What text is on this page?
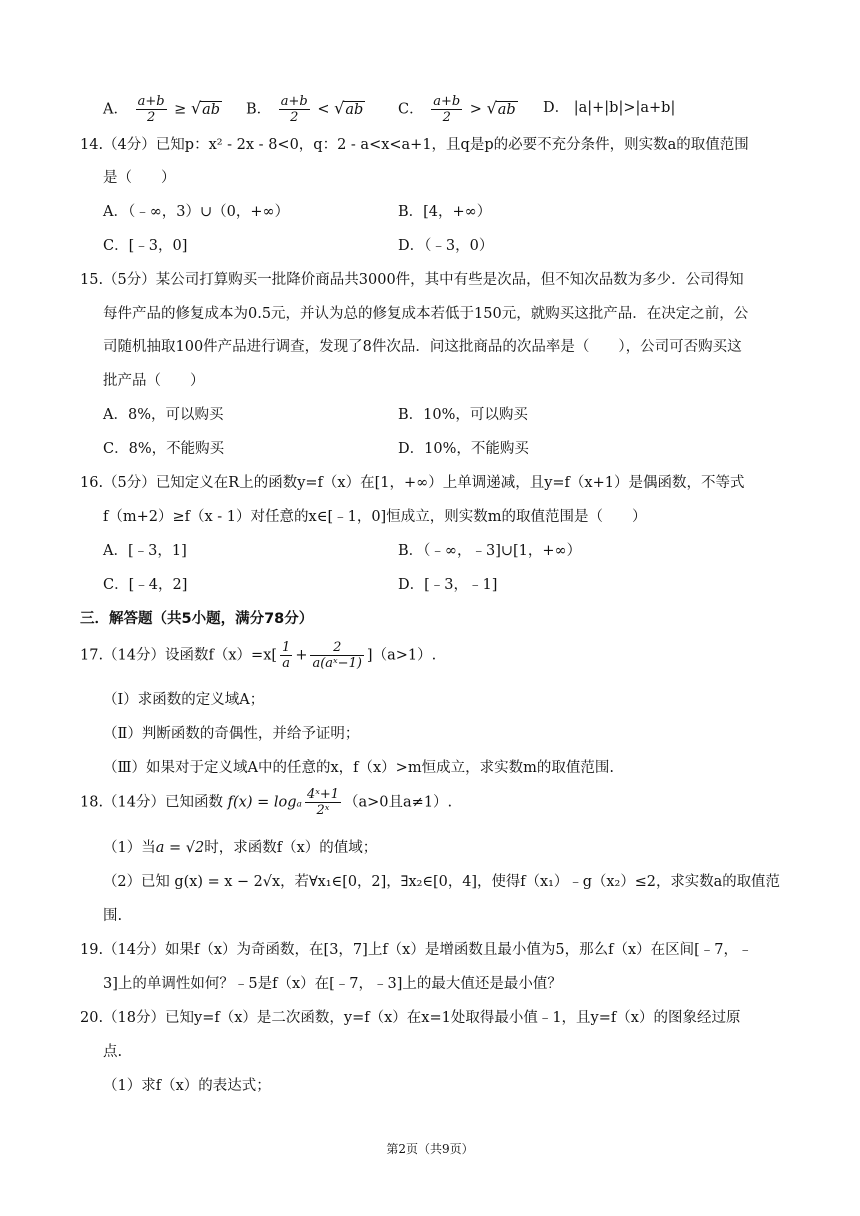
A． $\frac{a+b}{2} \ge √ab$ B． $\frac{a+b}{2} < √ab$ C． $\frac{a+b}{2} > √ab$ D． |a|+|b|>|a+b|
14.（4分）已知p：x² - 2x - 8<0，q：2 - a<x<a+1，且q是p的必要不充分条件，则实数a的取值范围
是（　　）
A．（﹣∞，3）∪（0，+∞）	B．[4，+∞）
C．[﹣3，0]	D．（﹣3，0）
15.（5分）某公司打算购买一批降价商品共3000件，其中有些是次品，但不知次品数为多少．公司得知
每件产品的修复成本为0.5元，并认为总的修复成本若低于150元，就购买这批产品．在决定之前，公
司随机抽取100件产品进行调查，发现了8件次品．问这批商品的次品率是（　　），公司可否购买这
批产品（　　）
A．8%，可以购买	B．10%，可以购买
C．8%，不能购买	D．10%，不能购买
16.（5分）已知定义在R上的函数y=f（x）在[1，+∞）上单调递减，且y=f（x+1）是偶函数，不等式
f（m+2）≥f（x - 1）对任意的x∈[﹣1，0]恒成立，则实数m的取值范围是（　　）
A．[﹣3，1]	B．（﹣∞，﹣3]∪[1，+∞）
C．[﹣4，2]	D．[﹣3，﹣1]
三．解答题（共5小题，满分78分）
17.（14分）设函数$f(x)=x[ \frac{1}{a} + \frac{2}{\text{a(aˣ−1)}} ](a>1)$.
（Ⅰ）求函数的定义域A；
（Ⅱ）判断函数的奇偶性，并给予证明；
（Ⅲ）如果对于定义域A中的任意的x，f（x）>m恒成立，求实数m的取值范围.
18.（14分）已知函数 f(x) = logₐ $\frac{\text{4ˣ+1}}{\text{2ˣ}} (a>0$且a≠1）.
（1）当a = √2时，求函数f（x）的值域；
（2）已知 g(x) = x − 2√x，若∀x₁∈[0，2]，∃x₂∈[0，4]，使得f（x₁）﹣g（x₂）≤2，求实数a的取值范
围.
19.（14分）如果f（x）为奇函数，在[3，7]上f（x）是增函数且最小值为5，那么f（x）在区间[﹣7，﹣
3]上的单调性如何？﹣5是f（x）在[﹣7，﹣3]上的最大值还是最小值？
20.（18分）已知y=f（x）是二次函数，y=f（x）在x=1处取得最小值﹣1，且y=f（x）的图象经过原
点.
（1）求f（x）的表达式；
第2页（共9页）
